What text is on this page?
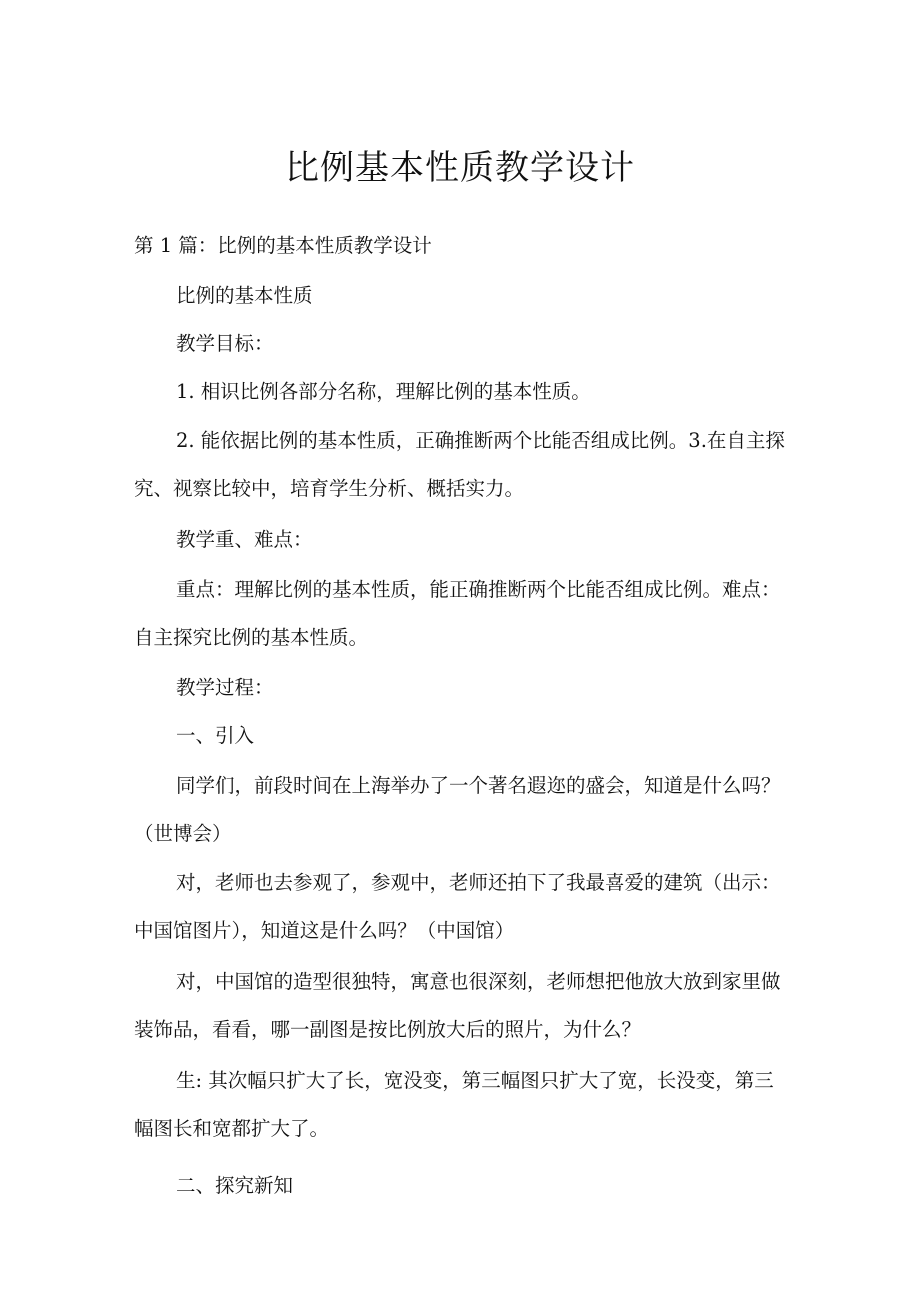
比例基本性质教学设计

第 1 篇：比例的基本性质教学设计

比例的基本性质

教学目标：

1. 相识比例各部分名称，理解比例的基本性质。

2. 能依据比例的基本性质，正确推断两个比能否组成比例。3.在自主探
究、视察比较中，培育学生分析、概括实力。

教学重、难点：

重点：理解比例的基本性质，能正确推断两个比能否组成比例。难点：
自主探究比例的基本性质。

教学过程：

一、引入

同学们，前段时间在上海举办了一个著名遐迩的盛会，知道是什么吗？
（世博会）
对，老师也去参观了，参观中，老师还拍下了我最喜爱的建筑（出示：
中国馆图片），知道这是什么吗？（中国馆）
对，中国馆的造型很独特，寓意也很深刻，老师想把他放大放到家里做
装饰品，看看，哪一副图是按比例放大后的照片，为什么？
生: 其次幅只扩大了长，宽没变，第三幅图只扩大了宽，长没变，第三
幅图长和宽都扩大了。

二、探究新知
